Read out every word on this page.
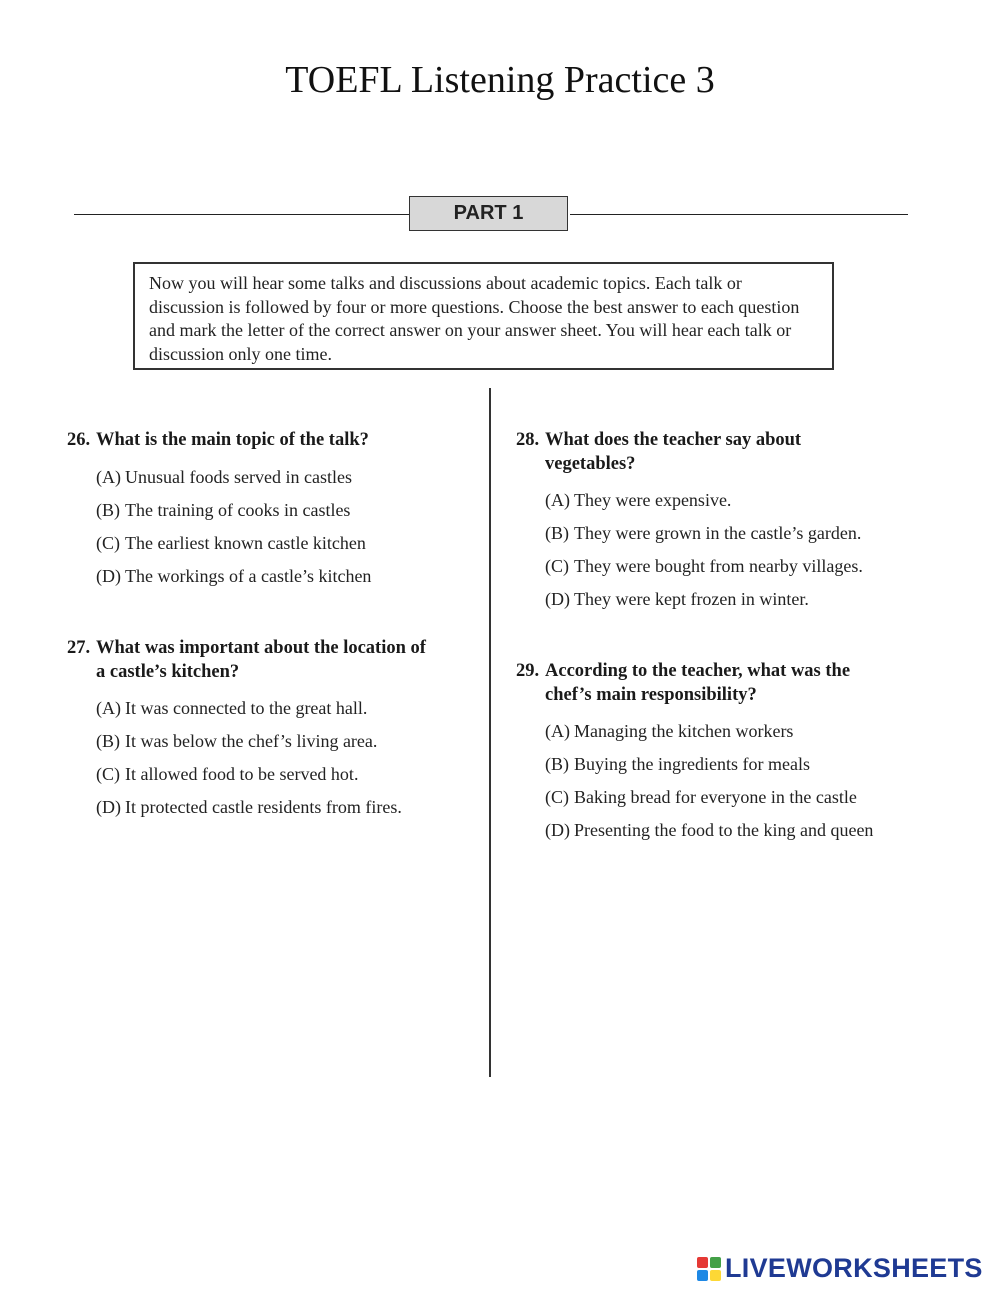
TOEFL Listening Practice 3
PART 1
Now you will hear some talks and discussions about academic topics. Each talk or discussion is followed by four or more questions. Choose the best answer to each question and mark the letter of the correct answer on your answer sheet. You will hear each talk or discussion only one time.
26. What is the main topic of the talk?
(A) Unusual foods served in castles
(B) The training of cooks in castles
(C) The earliest known castle kitchen
(D) The workings of a castle’s kitchen
27. What was important about the location of a castle’s kitchen?
(A) It was connected to the great hall.
(B) It was below the chef’s living area.
(C) It allowed food to be served hot.
(D) It protected castle residents from fires.
28. What does the teacher say about vegetables?
(A) They were expensive.
(B) They were grown in the castle’s garden.
(C) They were bought from nearby villages.
(D) They were kept frozen in winter.
29. According to the teacher, what was the chef’s main responsibility?
(A) Managing the kitchen workers
(B) Buying the ingredients for meals
(C) Baking bread for everyone in the castle
(D) Presenting the food to the king and queen
LIVEWORKSHEETS
